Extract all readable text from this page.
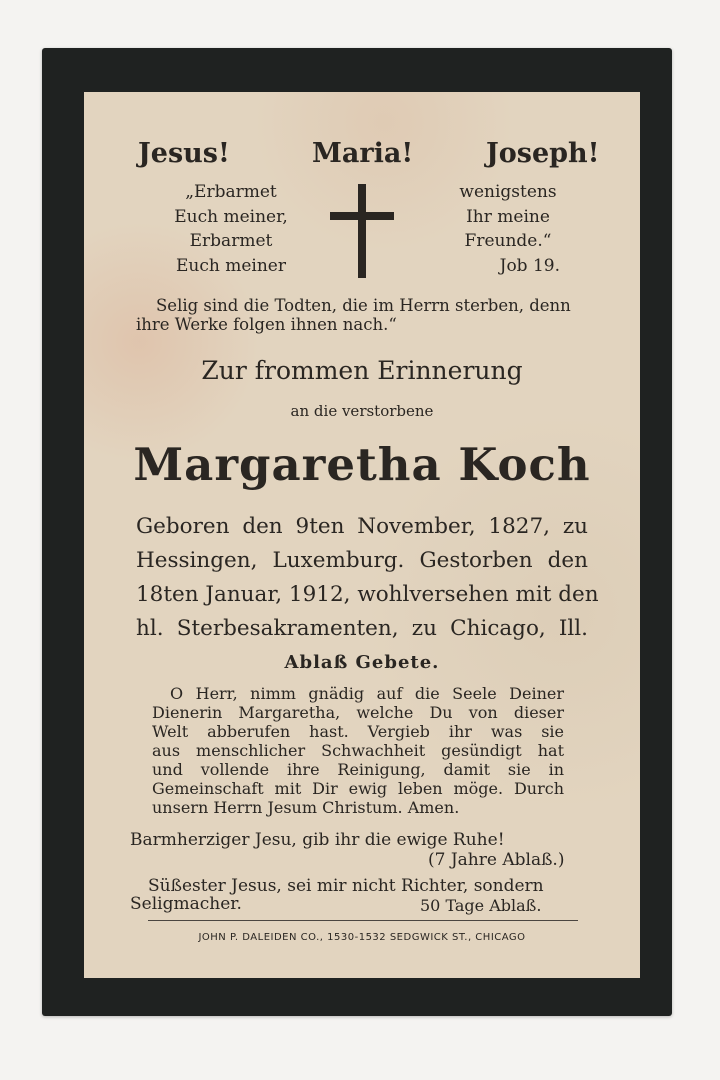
Jesus!	Maria!	Joseph!
„Erbarmet
Euch meiner,
Erbarmet
Euch meiner
wenigstens
Ihr meine
Freunde.“
Job 19.
Selig sind die Todten, die im Herrn sterben, denn
ihre Werke folgen ihnen nach.“
Zur frommen Erinnerung
an die verstorbene
Margaretha Koch
Geboren den 9ten November, 1827, zu
Hessingen, Luxemburg. Gestorben den
18ten Januar, 1912, wohlversehen mit den
hl. Sterbesakramenten, zu Chicago, Ill.
Ablaß Gebete.
O Herr, nimm gnädig auf die Seele Deiner
Dienerin Margaretha, welche Du von dieser
Welt abberufen hast. Vergieb ihr was sie
aus menschlicher Schwachheit gesündigt hat
und vollende ihre Reinigung, damit sie in
Gemeinschaft mit Dir ewig leben möge. Durch
unsern Herrn Jesum Christum. Amen.
Barmherziger Jesu, gib ihr die ewige Ruhe!
(7 Jahre Ablaß.)
Süßester Jesus, sei mir nicht Richter, sondern
Seligmacher.	50 Tage Ablaß.
JOHN P. DALEIDEN CO., 1530-1532 SEDGWICK ST., CHICAGO
